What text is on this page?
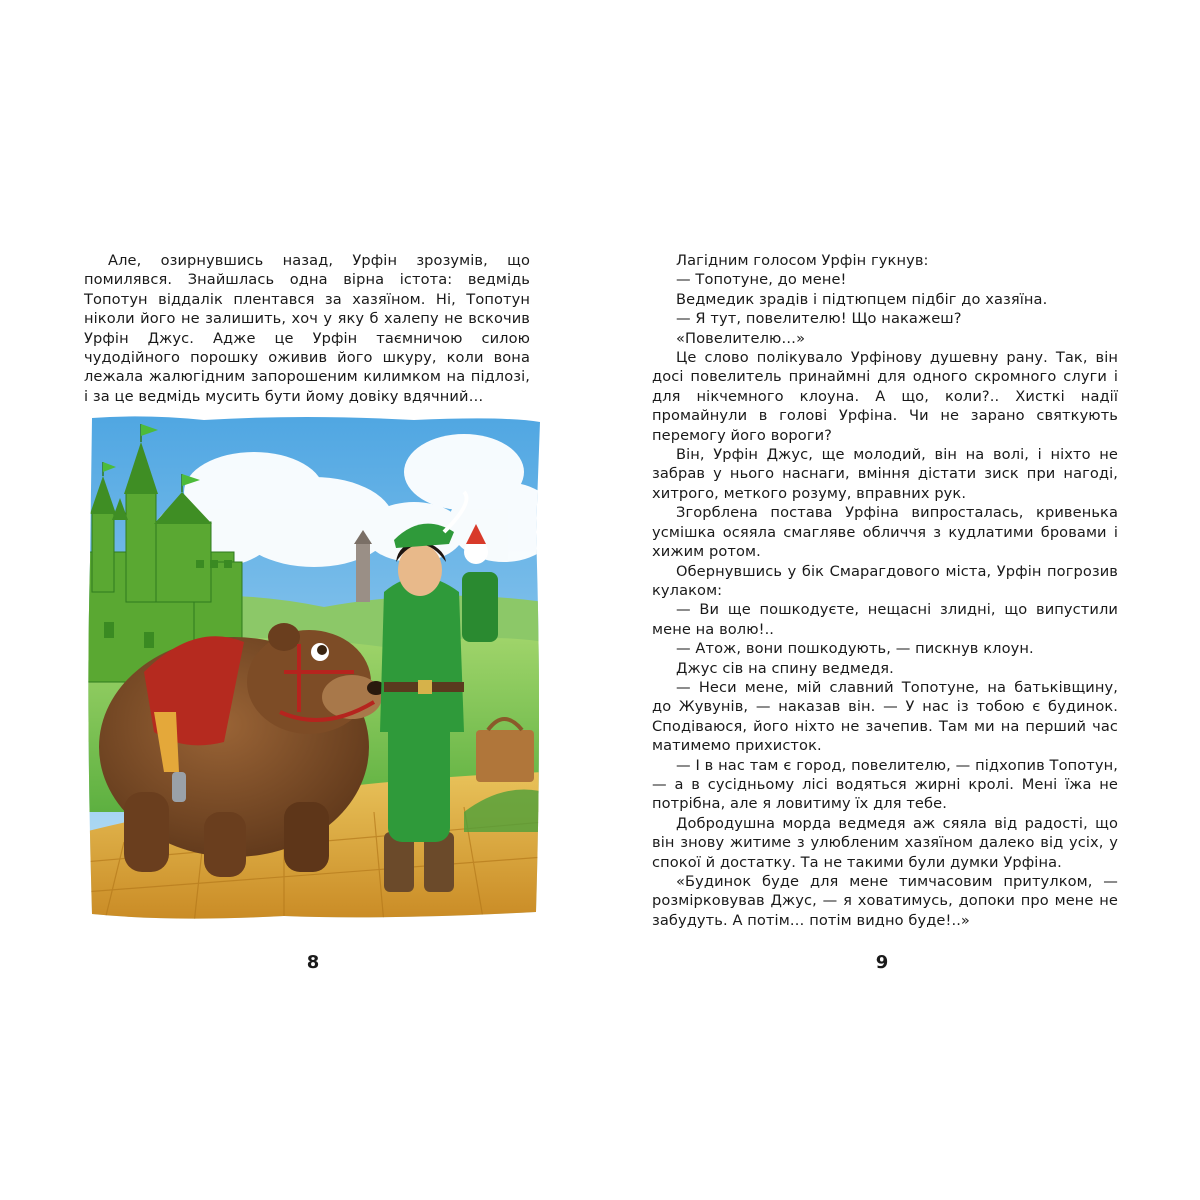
Але, озирнувшись назад, Урфін зрозумів, що помилявся. Знайшлась одна вірна істота: ведмідь Топотун віддалік плентався за хазяїном. Ні, Топотун ніколи його не залишить, хоч у яку б халепу не вскочив Урфін Джус. Адже це Урфін таємничою силою чудодійного порошку оживив його шкуру, коли вона лежала жалюгідним запорошеним килимком на підлозі, і за це ведмідь мусить бути йому довіку вдячний…

8

Лагідним голосом Урфін гукнув:

— Топотуне, до мене!

Ведмедик зрадів і підтюпцем підбіг до хазяїна.

— Я тут, повелителю! Що накажеш?

«Повелителю…»

Це слово полікувало Урфінову душевну рану. Так, він досі повелитель принаймні для одного скромного слуги і для нікчемного клоуна. А що, коли?.. Хисткі надії промайнули в голові Урфіна. Чи не зарано святкують перемогу його вороги?

Він, Урфін Джус, ще молодий, він на волі, і ніхто не забрав у нього наснаги, вміння дістати зиск при нагоді, хитрого, меткого розуму, вправних рук.

Згорблена постава Урфіна випросталась, кривенька усмішка осяяла смагляве обличчя з кудлатими бровами і хижим ротом.

Обернувшись у бік Смарагдового міста, Урфін погрозив кулаком:

— Ви ще пошкодуєте, нещасні злидні, що випустили мене на волю!..

— Атож, вони пошкодують, — пискнув клоун.

Джус сів на спину ведмедя.

— Неси мене, мій славний Топотуне, на батьківщину, до Жувунів, — наказав він. — У нас із тобою є будинок. Сподіваюся, його ніхто не зачепив. Там ми на перший час матимемо прихисток.

— І в нас там є город, повелителю, — підхопив Топотун, — а в сусідньому лісі водяться жирні кролі. Мені їжа не потрібна, але я ловитиму їх для тебе.

Добродушна морда ведмедя аж сяяла від радості, що він знову житиме з улюбленим хазяїном далеко від усіх, у спокої й достатку. Та не такими були думки Урфіна.

«Будинок буде для мене тимчасовим притулком, — розмірковував Джус, — я ховатимусь, допоки про мене не забудуть. А потім… потім видно буде!..»

9
